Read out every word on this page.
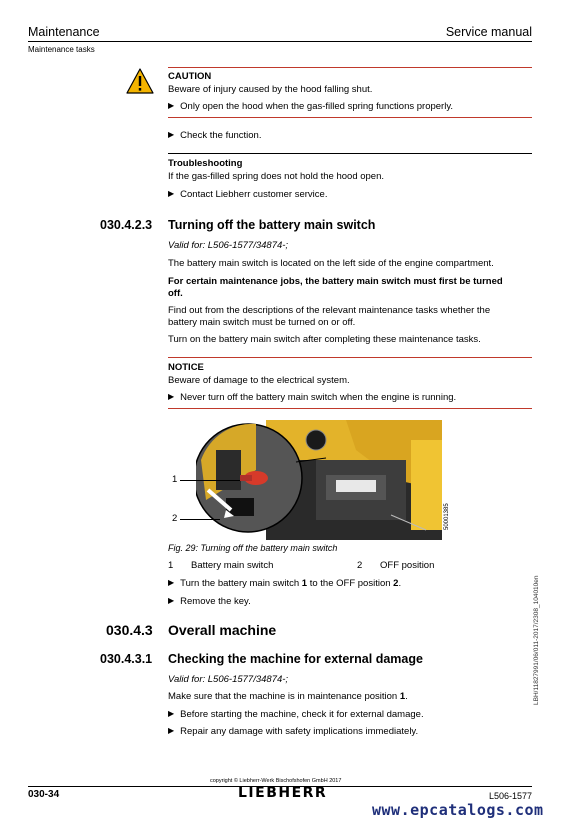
Maintenance	Service manual
Maintenance tasks
CAUTION
Beware of injury caused by the hood falling shut.
▶ Only open the hood when the gas-filled spring functions properly.
▶ Check the function.
Troubleshooting
If the gas-filled spring does not hold the hood open.
▶ Contact Liebherr customer service.
030.4.2.3 Turning off the battery main switch
Valid for: L506-1577/34874-;
The battery main switch is located on the left side of the engine compartment.
For certain maintenance jobs, the battery main switch must first be turned
off.
Find out from the descriptions of the relevant maintenance tasks whether the
battery main switch must be turned on or off.
Turn on the battery main switch after completing these maintenance tasks.
NOTICE
Beware of damage to the electrical system.
▶ Never turn off the battery main switch when the engine is running.
1
2	50001385
Fig. 29: Turning off the battery main switch
1 Battery main switch	2 OFF position
▶ Turn the battery main switch 1 to the OFF position 2.
▶ Remove the key.
030.4.3 Overall machine
030.4.3.1 Checking the machine for external damage
Valid for: L506-1577/34874-;
Make sure that the machine is in maintenance position 1.
▶ Before starting the machine, check it for external damage.
▶ Repair any damage with safety implications immediately.
LBH/11827991/06/011-2017/2308_104010en
copyright © Liebherr-Werk Bischofshofen GmbH 2017
030-34	LIEBHERR	L506-1577
www.epcatalogs.com
